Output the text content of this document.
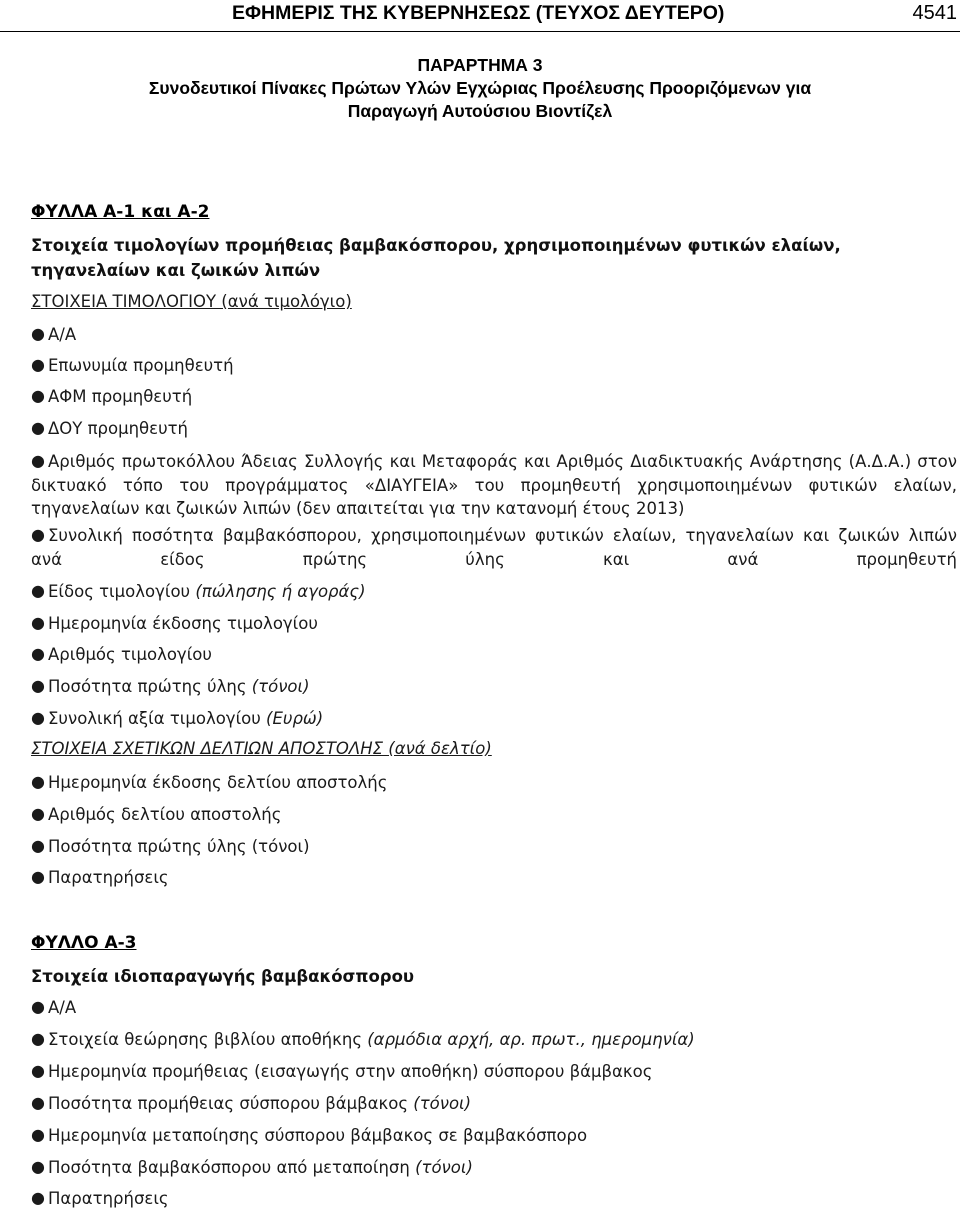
ΕΦΗΜΕΡΙΣ ΤΗΣ ΚΥΒΕΡΝΗΣΕΩΣ (ΤΕΥΧΟΣ ΔΕΥΤΕΡΟ)	4541
ΠΑΡΑΡΤΗΜΑ 3
Συνοδευτικοί Πίνακες Πρώτων Υλών Εγχώριας Προέλευσης Προοριζόμενων για
Παραγωγή Αυτούσιου Βιοντίζελ
ΦΥΛΛΑ Α-1 και Α-2
Στοιχεία τιμολογίων προμήθειας βαμβακόσπορου, χρησιμοποιημένων φυτικών ελαίων, τηγανελαίων και ζωικών λιπών
ΣΤΟΙΧΕΙΑ ΤΙΜΟΛΟΓΙΟΥ (ανά τιμολόγιο)
● Α/Α
● Επωνυμία προμηθευτή
● ΑΦΜ προμηθευτή
● ΔΟΥ προμηθευτή
● Αριθμός πρωτοκόλλου Άδειας Συλλογής και Μεταφοράς και Αριθμός Διαδικτυακής Ανάρτησης (Α.Δ.Α.) στον δικτυακό τόπο του προγράμματος «ΔΙΑΥΓΕΙΑ» του προμηθευτή χρησιμοποιημένων φυτικών ελαίων, τηγανελαίων και ζωικών λιπών (δεν απαιτείται για την κατανομή έτους 2013)
● Συνολική ποσότητα βαμβακόσπορου, χρησιμοποιημένων φυτικών ελαίων, τηγανελαίων και ζωικών λιπών ανά είδος πρώτης ύλης και ανά προμηθευτή
● Είδος τιμολογίου (πώλησης ή αγοράς)
● Ημερομηνία έκδοσης τιμολογίου
● Αριθμός τιμολογίου
● Ποσότητα πρώτης ύλης (τόνοι)
● Συνολική αξία τιμολογίου (Ευρώ)
ΣΤΟΙΧΕΙΑ ΣΧΕΤΙΚΩΝ ΔΕΛΤΙΩΝ ΑΠΟΣΤΟΛΗΣ (ανά δελτίο)
● Ημερομηνία έκδοσης δελτίου αποστολής
● Αριθμός δελτίου αποστολής
● Ποσότητα πρώτης ύλης (τόνοι)
● Παρατηρήσεις
ΦΥΛΛΟ Α-3
Στοιχεία ιδιοπαραγωγής βαμβακόσπορου
● Α/Α
● Στοιχεία θεώρησης βιβλίου αποθήκης (αρμόδια αρχή, αρ. πρωτ., ημερομηνία)
● Ημερομηνία προμήθειας (εισαγωγής στην αποθήκη) σύσπορου βάμβακος
● Ποσότητα προμήθειας σύσπορου βάμβακος (τόνοι)
● Ημερομηνία μεταποίησης σύσπορου βάμβακος σε βαμβακόσπορο
● Ποσότητα βαμβακόσπορου από μεταποίηση (τόνοι)
● Παρατηρήσεις
